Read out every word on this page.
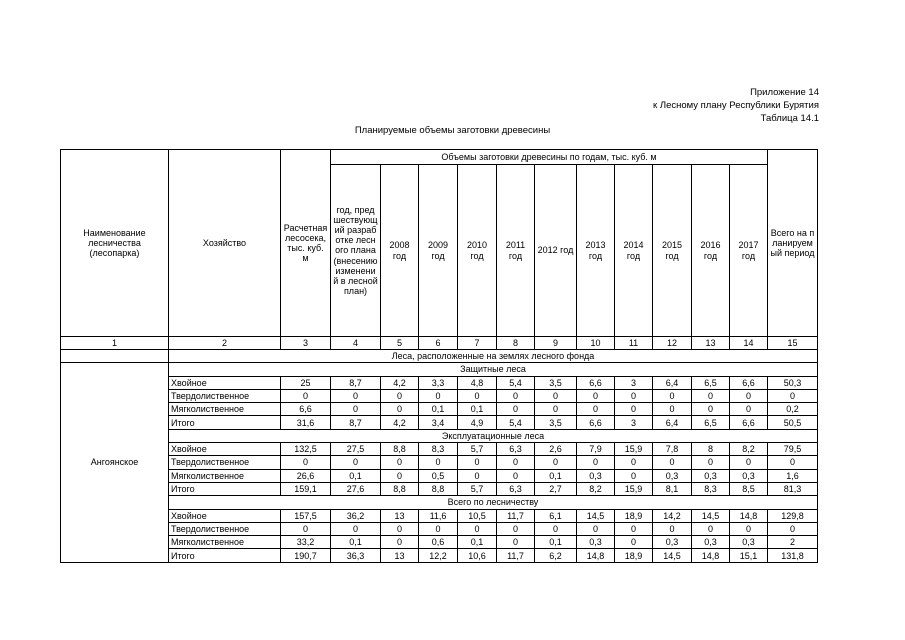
Приложение 14
к Лесному плану Республики Бурятия
Таблица 14.1
Планируемые объемы заготовки древесины
Наименование лесничества (лесопарка)	Хозяйство	Расчетная лесосека, тыс. куб. м	Объемы заготовки древесины по годам, тыс. куб. м											Всего на планируемый период
			год, предшествующий разработке лесного плана (внесению изменений в лесной план)	2008 год	2009 год	2010 год	2011 год	2012 год	2013 год	2014 год	2015 год	2016 год	2017 год	
1	2	3	4	5	6	7	8	9	10	11	12	13	14	15
	Леса, расположенные на землях лесного фонда													
Ангоянское	Защитные леса													
	Хвойное	25	8,7	4,2	3,3	4,8	5,4	3,5	6,6	3	6,4	6,5	6,6	50,3
	Твердолиственное	0	0	0	0	0	0	0	0	0	0	0	0	0
	Мягколиственное	6,6	0	0	0,1	0,1	0	0	0	0	0	0	0	0,2
	Итого	31,6	8,7	4,2	3,4	4,9	5,4	3,5	6,6	3	6,4	6,5	6,6	50,5
	Эксплуатационные леса													
	Хвойное	132,5	27,5	8,8	8,3	5,7	6,3	2,6	7,9	15,9	7,8	8	8,2	79,5
	Твердолиственное	0	0	0	0	0	0	0	0	0	0	0	0	0
	Мягколиственное	26,6	0,1	0	0,5	0	0	0,1	0,3	0	0,3	0,3	0,3	1,6
	Итого	159,1	27,6	8,8	8,8	5,7	6,3	2,7	8,2	15,9	8,1	8,3	8,5	81,3
	Всего по лесничеству													
	Хвойное	157,5	36,2	13	11,6	10,5	11,7	6,1	14,5	18,9	14,2	14,5	14,8	129,8
	Твердолиственное	0	0	0	0	0	0	0	0	0	0	0	0	0
	Мягколиственное	33,2	0,1	0	0,6	0,1	0	0,1	0,3	0	0,3	0,3	0,3	2
	Итого	190,7	36,3	13	12,2	10,6	11,7	6,2	14,8	18,9	14,5	14,8	15,1	131,8
